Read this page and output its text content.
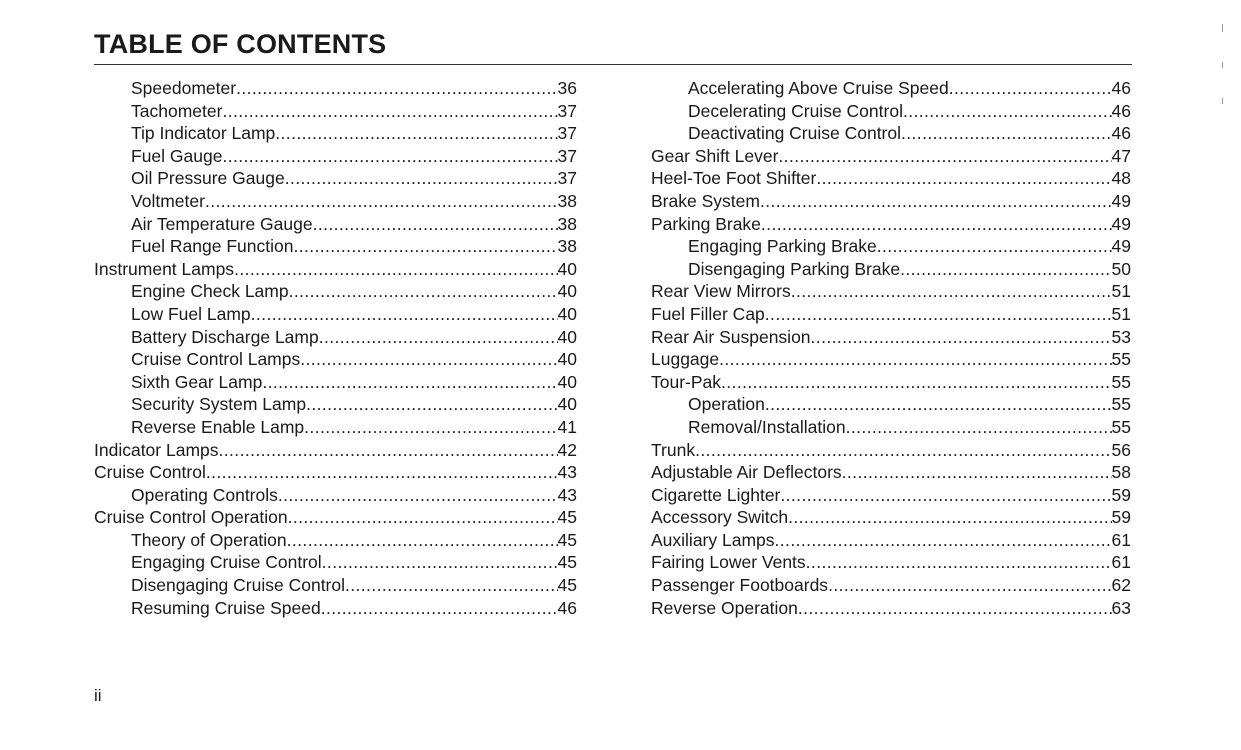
TABLE OF CONTENTS
Speedometer .....	36
Tachometer .....	37
Tip Indicator Lamp .....	37
Fuel Gauge .....	37
Oil Pressure Gauge .....	37
Voltmeter .....	38
Air Temperature Gauge .....	38
Fuel Range Function .....	38
Instrument Lamps .....	40
Engine Check Lamp .....	40
Low Fuel Lamp .....	40
Battery Discharge Lamp .....	40
Cruise Control Lamps .....	40
Sixth Gear Lamp .....	40
Security System Lamp .....	40
Reverse Enable Lamp .....	41
Indicator Lamps .....	42
Cruise Control .....	43
Operating Controls .....	43
Cruise Control Operation .....	45
Theory of Operation .....	45
Engaging Cruise Control .....	45
Disengaging Cruise Control .....	45
Resuming Cruise Speed .....	46
Accelerating Above Cruise Speed .....	46
Decelerating Cruise Control .....	46
Deactivating Cruise Control .....	46
Gear Shift Lever .....	47
Heel-Toe Foot Shifter .....	48
Brake System .....	49
Parking Brake .....	49
Engaging Parking Brake .....	49
Disengaging Parking Brake .....	50
Rear View Mirrors .....	51
Fuel Filler Cap .....	51
Rear Air Suspension .....	53
Luggage .....	55
Tour-Pak .....	55
Operation .....	55
Removal/Installation .....	55
Trunk .....	56
Adjustable Air Deflectors .....	58
Cigarette Lighter .....	59
Accessory Switch .....	59
Auxiliary Lamps .....	61
Fairing Lower Vents .....	61
Passenger Footboards .....	62
Reverse Operation .....	63
ii
